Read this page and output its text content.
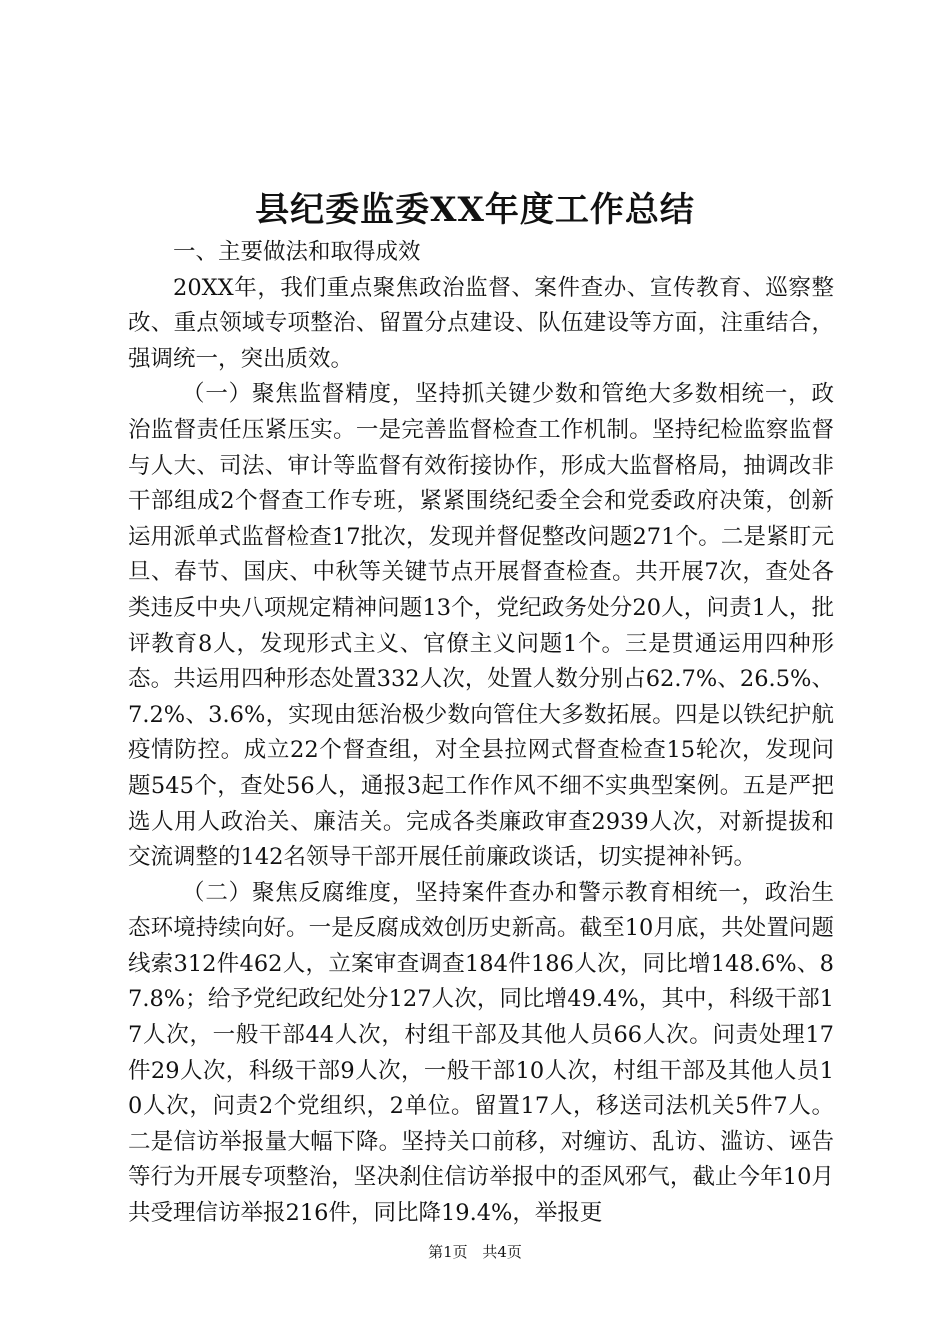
县纪委监委XX年度工作总结

一、主要做法和取得成效

20XX年，我们重点聚焦政治监督、案件查办、宣传教育、巡察整改、重点领域专项整治、留置分点建设、队伍建设等方面，注重结合，强调统一，突出质效。

（一）聚焦监督精度，坚持抓关键少数和管绝大多数相统一，政治监督责任压紧压实。一是完善监督检查工作机制。坚持纪检监察监督与人大、司法、审计等监督有效衔接协作，形成大监督格局，抽调改非干部组成2个督查工作专班，紧紧围绕纪委全会和党委政府决策，创新运用派单式监督检查17批次，发现并督促整改问题271个。二是紧盯元旦、春节、国庆、中秋等关键节点开展督查检查。共开展7次，查处各类违反中央八项规定精神问题13个，党纪政务处分20人，问责1人，批评教育8人，发现形式主义、官僚主义问题1个。三是贯通运用四种形态。共运用四种形态处置332人次，处置人数分别占62.7%、26.5%、7.2%、3.6%，实现由惩治极少数向管住大多数拓展。四是以铁纪护航疫情防控。成立22个督查组，对全县拉网式督查检查15轮次，发现问题545个，查处56人，通报3起工作作风不细不实典型案例。五是严把选人用人政治关、廉洁关。完成各类廉政审查2939人次，对新提拔和交流调整的142名领导干部开展任前廉政谈话，切实提神补钙。

（二）聚焦反腐维度，坚持案件查办和警示教育相统一，政治生态环境持续向好。一是反腐成效创历史新高。截至10月底，共处置问题线索312件462人，立案审查调查184件186人次，同比增148.6%、87.8%；给予党纪政纪处分127人次，同比增49.4%，其中，科级干部17人次，一般干部44人次，村组干部及其他人员66人次。问责处理17件29人次，科级干部9人次，一般干部10人次，村组干部及其他人员10人次，问责2个党组织，2单位。留置17人，移送司法机关5件7人。二是信访举报量大幅下降。坚持关口前移，对缠访、乱访、滥访、诬告等行为开展专项整治，坚决刹住信访举报中的歪风邪气，截止今年10月共受理信访举报216件，同比降19.4%，举报更

第1页 共4页
